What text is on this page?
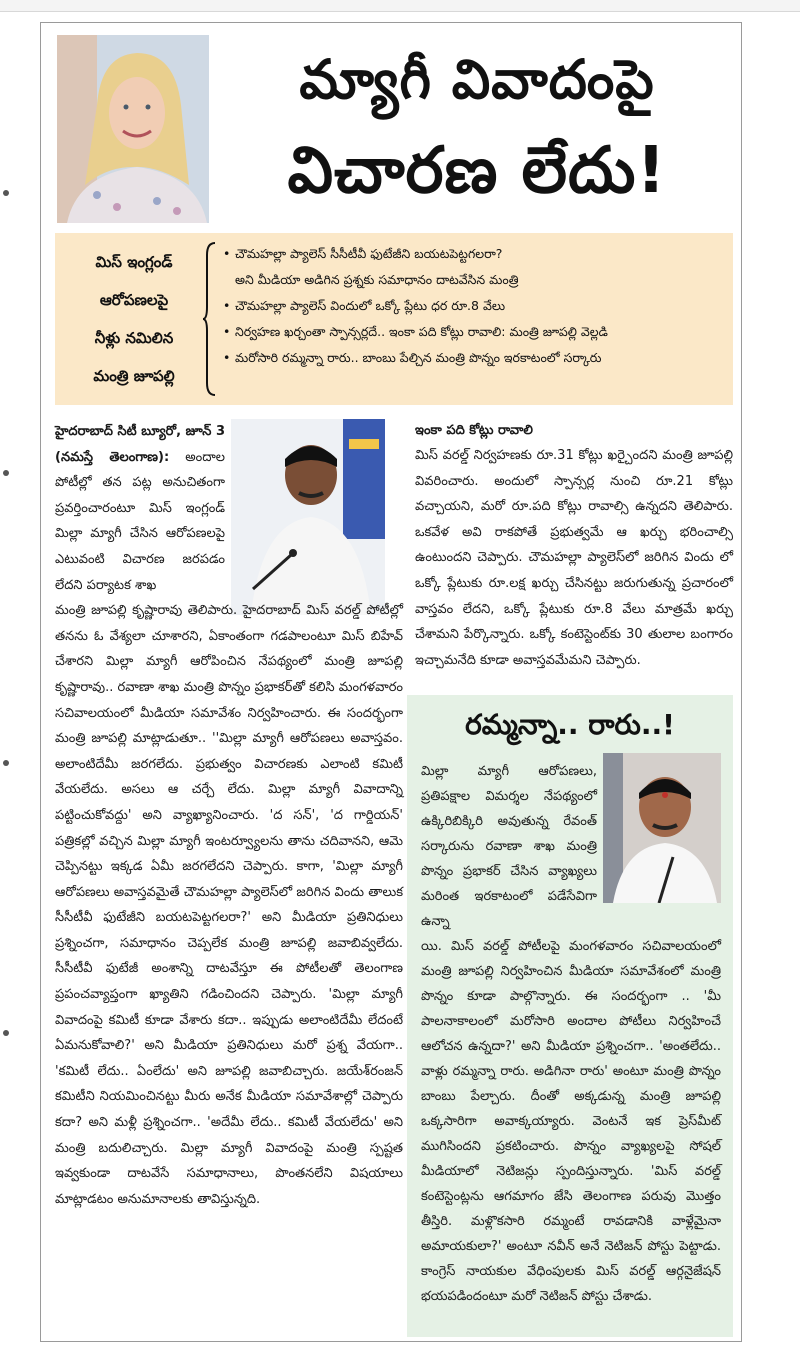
మ్యాగీ వివాదంపై
విచారణ లేదు!
మిస్ ఇంగ్లండ్
ఆరోపణలపై
నీళ్లు నమిలిన
మంత్రి జూపల్లి
• చౌమహల్లా ప్యాలెస్ సీసీటీవీ ఫుటేజీని బయటపెట్టగలరా?
అని మీడియా అడిగిన ప్రశ్నకు సమాధానం దాటవేసిన మంత్రి
• చౌమహల్లా ప్యాలెస్ విందులో ఒక్కో ప్లేటు ధర రూ.8 వేలు
• నిర్వహణ ఖర్చంతా స్పాన్సర్లదే.. ఇంకా పది కోట్లు రావాలి: మంత్రి జూపల్లి వెల్లడి
• మరోసారి రమ్మన్నా రారు.. బాంబు పేల్చిన మంత్రి పొన్నం ఇరకాటంలో సర్కారు

హైదరాబాద్ సిటీ బ్యూరో, జూన్ 3 (నమస్తే తెలంగాణ): అందాల పోటీల్లో తన పట్ల అనుచితంగా ప్రవర్తించారంటూ మిస్ ఇంగ్లండ్ మిల్లా మ్యాగీ చేసిన ఆరోపణలపై ఎటువంటి విచారణ జరపడం లేదని పర్యాటక శాఖ

మంత్రి జూపల్లి కృష్ణారావు తెలిపారు. హైదరాబాద్ మిస్ వరల్డ్ పోటీల్లో తనను ఓ వేశ్యలా చూశారని, ఏకాంతంగా గడపాలంటూ మిస్ బిహేవ్ చేశారని మిల్లా మ్యాగీ ఆరోపించిన నేపథ్యంలో మంత్రి జూపల్లి కృష్ణారావు.. రవాణా శాఖ మంత్రి పొన్నం ప్రభాకర్‌తో కలిసి మంగళవారం సచివాలయంలో మీడియా సమావేశం నిర్వహించారు. ఈ సందర్భంగా మంత్రి జూపల్లి మాట్లాడుతూ.. ''మిల్లా మ్యాగీ ఆరోపణలు అవాస్తవం. అలాంటిదేమీ జరగలేదు. ప్రభుత్వం విచారణకు ఎలాంటి కమిటీ వేయలేదు. అసలు ఆ చర్చే లేదు. మిల్లా మ్యాగీ వివాదాన్ని పట్టించుకోవద్దు' అని వ్యాఖ్యానించారు. 'ద సన్', 'ద గార్డియన్' పత్రికల్లో వచ్చిన మిల్లా మ్యాగీ ఇంటర్వ్యూలను తాను చదివానని, ఆమె చెప్పినట్టు ఇక్కడ ఏమీ జరగలేదని చెప్పారు. కాగా, 'మిల్లా మ్యాగీ ఆరోపణలు అవాస్తవమైతే చౌమహల్లా ప్యాలెస్‌లో జరిగిన విందు తాలుక సీసీటీవీ ఫుటేజీని బయటపెట్టగలరా?' అని మీడియా ప్రతినిధులు ప్రశ్నించగా, సమాధానం చెప్పలేక మంత్రి జూపల్లి జవాబివ్వలేదు. సీసీటీవీ ఫుటేజీ అంశాన్ని దాటవేస్తూ ఈ పోటీలతో తెలంగాణ ప్రపంచవ్యాప్తంగా ఖ్యాతిని గడించిందని చెప్పారు. 'మిల్లా మ్యాగీ వివాదంపై కమిటీ కూడా వేశారు కదా.. ఇప్పుడు అలాంటిదేమీ లేదంటే ఏమనుకోవాలి?' అని మీడియా ప్రతినిధులు మరో ప్రశ్న వేయగా.. 'కమిటీ లేదు.. ఏంలేదు' అని జూపల్లి జవాబిచ్చారు. జయేశ్‌రంజన్ కమిటీని నియమించినట్టు మీరు అనేక మీడియా సమావేశాల్లో చెప్పారు కదా? అని మళ్లీ ప్రశ్నించగా.. 'అదేమీ లేదు.. కమిటీ వేయలేదు' అని మంత్రి బదులిచ్చారు. మిల్లా మ్యాగీ వివాదంపై మంత్రి స్పష్టత ఇవ్వకుండా దాటవేసే సమాధానాలు, పొంతనలేని విషయాలు మాట్లాడటం అనుమానాలకు తావిస్తున్నది.

ఇంకా పది కోట్లు రావాలి

మిస్ వరల్డ్ నిర్వహణకు రూ.31 కోట్లు ఖర్చైందని మంత్రి జూపల్లి వివరించారు. అందులో స్పాన్సర్ల నుంచి రూ.21 కోట్లు వచ్చాయని, మరో రూ.పది కోట్లు రావాల్సి ఉన్నదని తెలిపారు. ఒకవేళ అవి రాకపోతే ప్రభుత్వమే ఆ ఖర్చు భరించాల్సి ఉంటుందని చెప్పారు. చౌమహల్లా ప్యాలెస్‌లో జరిగిన విందు లో ఒక్కో ప్లేటుకు రూ.లక్ష ఖర్చు చేసినట్టు జరుగుతున్న ప్రచారంలో వాస్తవం లేదని, ఒక్కో ప్లేటుకు రూ.8 వేలు మాత్రమే ఖర్చు చేశామని పేర్కొన్నారు. ఒక్కో కంటెస్టెంట్‌కు 30 తులాల బంగారం ఇచ్చామనేది కూడా అవాస్తవమేమని చెప్పారు.

రమ్మన్నా.. రారు..!

మిల్లా మ్యాగీ ఆరోపణలు, ప్రతిపక్షాల విమర్శల నేపథ్యంలో ఉక్కిరిబిక్కిరి అవుతున్న రేవంత్ సర్కారును రవాణా శాఖ మంత్రి పొన్నం ప్రభాకర్ చేసిన వ్యాఖ్యలు మరింత ఇరకాటంలో పడేసేవిగా ఉన్నా

యి. మిస్ వరల్డ్ పోటీలపై మంగళవారం సచివాలయంలో మంత్రి జూపల్లి నిర్వహించిన మీడియా సమావేశంలో మంత్రి పొన్నం కూడా పాల్గొన్నారు. ఈ సందర్భంగా .. 'మీ పాలనాకాలంలో మరోసారి అందాల పోటీలు నిర్వహించే ఆలోచన ఉన్నదా?' అని మీడియా ప్రశ్నించగా.. 'అంతలేదు.. వాళ్లు రమ్మన్నా రారు. అడిగినా రారు' అంటూ మంత్రి పొన్నం బాంబు పేల్చారు. దీంతో అక్కడున్న మంత్రి జూపల్లి ఒక్కసారిగా అవాక్కయ్యారు. వెంటనే ఇక ప్రెస్‌మీట్ ముగిసిందని ప్రకటించారు. పొన్నం వ్యాఖ్యలపై సోషల్ మీడియాలో నెటిజన్లు స్పందిస్తున్నారు. 'మిస్ వరల్డ్ కంటెస్టెంట్లను ఆగమాగం జేసి తెలంగాణ పరువు మొత్తం తీస్తిరి. మళ్లొకసారి రమ్మంటే రావడానికి వాళ్లేమైనా అమాయకులా?' అంటూ నవీన్ అనే నెటిజన్ పోస్టు పెట్టాడు. కాంగ్రెస్ నాయకుల వేధింపులకు మిస్ వరల్డ్ ఆర్గనైజేషన్ భయపడిందంటూ మరో నెటిజన్ పోస్టు చేశాడు.
